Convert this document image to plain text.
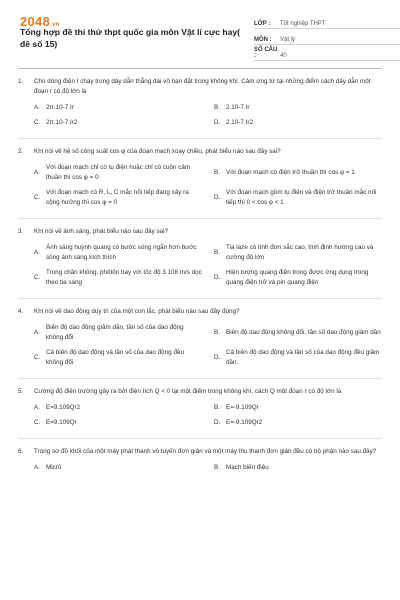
2048.vn
Tổng hợp đề thi thử thpt quốc gia môn Vật lí cực hay( đề số 15)
LỚP :	Tốt nghiệp THPT
MÔN :	Vật lý
SỐ CÂU :	40
1.	Cho dòng điện I chạy trong dây dẫn thẳng dài vô hạn đặt trong không khí. Cảm ứng từ tại những điểm cách dây dẫn một đoạn r có độ lớn là
A. 2π.10-7.Ir	B. 2.10-7.Ir
C. 2π.10-7.Ir2	D. 2.10-7.Ir2
2.	Khi nói về hệ số công suất cos φ của đoạn mạch xoay chiều, phát biểu nào sau đây sai?
A.
Với đoạn mạch chỉ có tụ điện hoặc chỉ có cuộn cảm thuần thì cos φ = 0
B. Với đoạn mạch có điện trở thuần thì cos φ = 1
C.
Với đoạn mạch có R, L, C mắc nối tiếp đang xảy ra cộng hưởng thì cos φ = 0
D.
Với đoạn mạch gồm tụ điện và điện trở thuần mắc nối tiếp thì 0 < cos φ < 1
3.	Khi nói về ánh sáng, phát biểu nào sau đây sai?
A.
Ánh sáng huỳnh quang có bước sóng ngắn hơn bước sóng ánh sáng kích thích
B.
Tia laze có tính đơn sắc cao, tính định hướng cao và cường độ lớn
C.
Trong chân không, phôtôn bay với tốc độ 3.108 m/s dọc theo tia sáng
D.
Hiện tượng quang điện trong được ứng dụng trong quang điện trở và pin quang điện
4.	Khi nói về dao động duy trì của một con lắc, phát biểu nào sau đây đúng?
A.
Biên độ dao động giảm dần, tần số của dao động không đổi
B. Biên độ dao động không đổi, tần số dao động giảm dần
C.
Cả biên độ dao động và tần số của dao động đều không đổi
D.
Cả biên độ dao động và tần số của dao động đều giảm dần.
5.	Cường độ điện trường gây ra bởi điện tích Q < 0 tại một điểm trong không khí, cách Q một đoạn r có độ lớn là
A. E=9.109Qr2	B. E=-9.109Qr
C. E=9.109Qr	D. E=-9.109Qr2
6.	Trong sơ đồ khối của một máy phát thanh vô tuyến đơn giản và một máy thu thanh đơn giản đều có bộ phận nào sau đây?
A. Micrô	B. Mạch biến điệu
